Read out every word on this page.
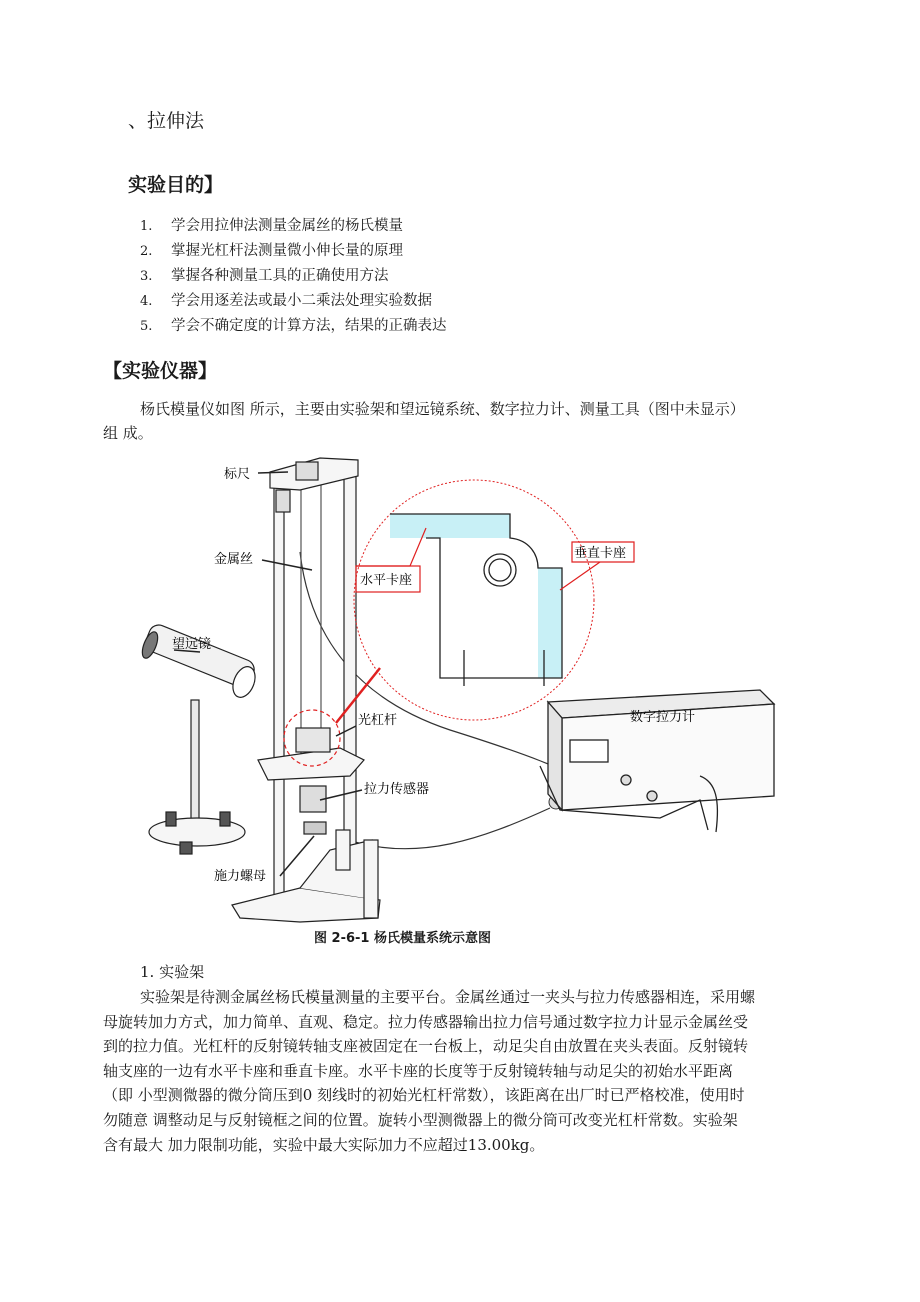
、拉伸法
实验目的】
1. 学会用拉伸法测量金属丝的杨氏模量
2. 掌握光杠杆法测量微小伸长量的原理
3. 掌握各种测量工具的正确使用方法
4. 学会用逐差法或最小二乘法处理实验数据
5. 学会不确定度的计算方法，结果的正确表达
【实验仪器】
杨氏模量仪如图 所示，主要由实验架和望远镜系统、数字拉力计、测量工具（图中未显示）
组 成。
标尺
金属丝
望远镜
光杠杆
拉力传感器
施力螺母
水平卡座
垂直卡座
数字拉力计
图 2-6-1 杨氏模量系统示意图
1. 实验架
实验架是待测金属丝杨氏模量测量的主要平台。金属丝通过一夹头与拉力传感器相连，采用螺
母旋转加力方式，加力简单、直观、稳定。拉力传感器输出拉力信号通过数字拉力计显示金属丝受
到的拉力值。光杠杆的反射镜转轴支座被固定在一台板上，动足尖自由放置在夹头表面。反射镜转
轴支座的一边有水平卡座和垂直卡座。水平卡座的长度等于反射镜转轴与动足尖的初始水平距离
（即 小型测微器的微分筒压到0 刻线时的初始光杠杆常数），该距离在出厂时已严格校准，使用时
勿随意 调整动足与反射镜框之间的位置。旋转小型测微器上的微分筒可改变光杠杆常数。实验架
含有最大 加力限制功能，实验中最大实际加力不应超过13.00kg。
